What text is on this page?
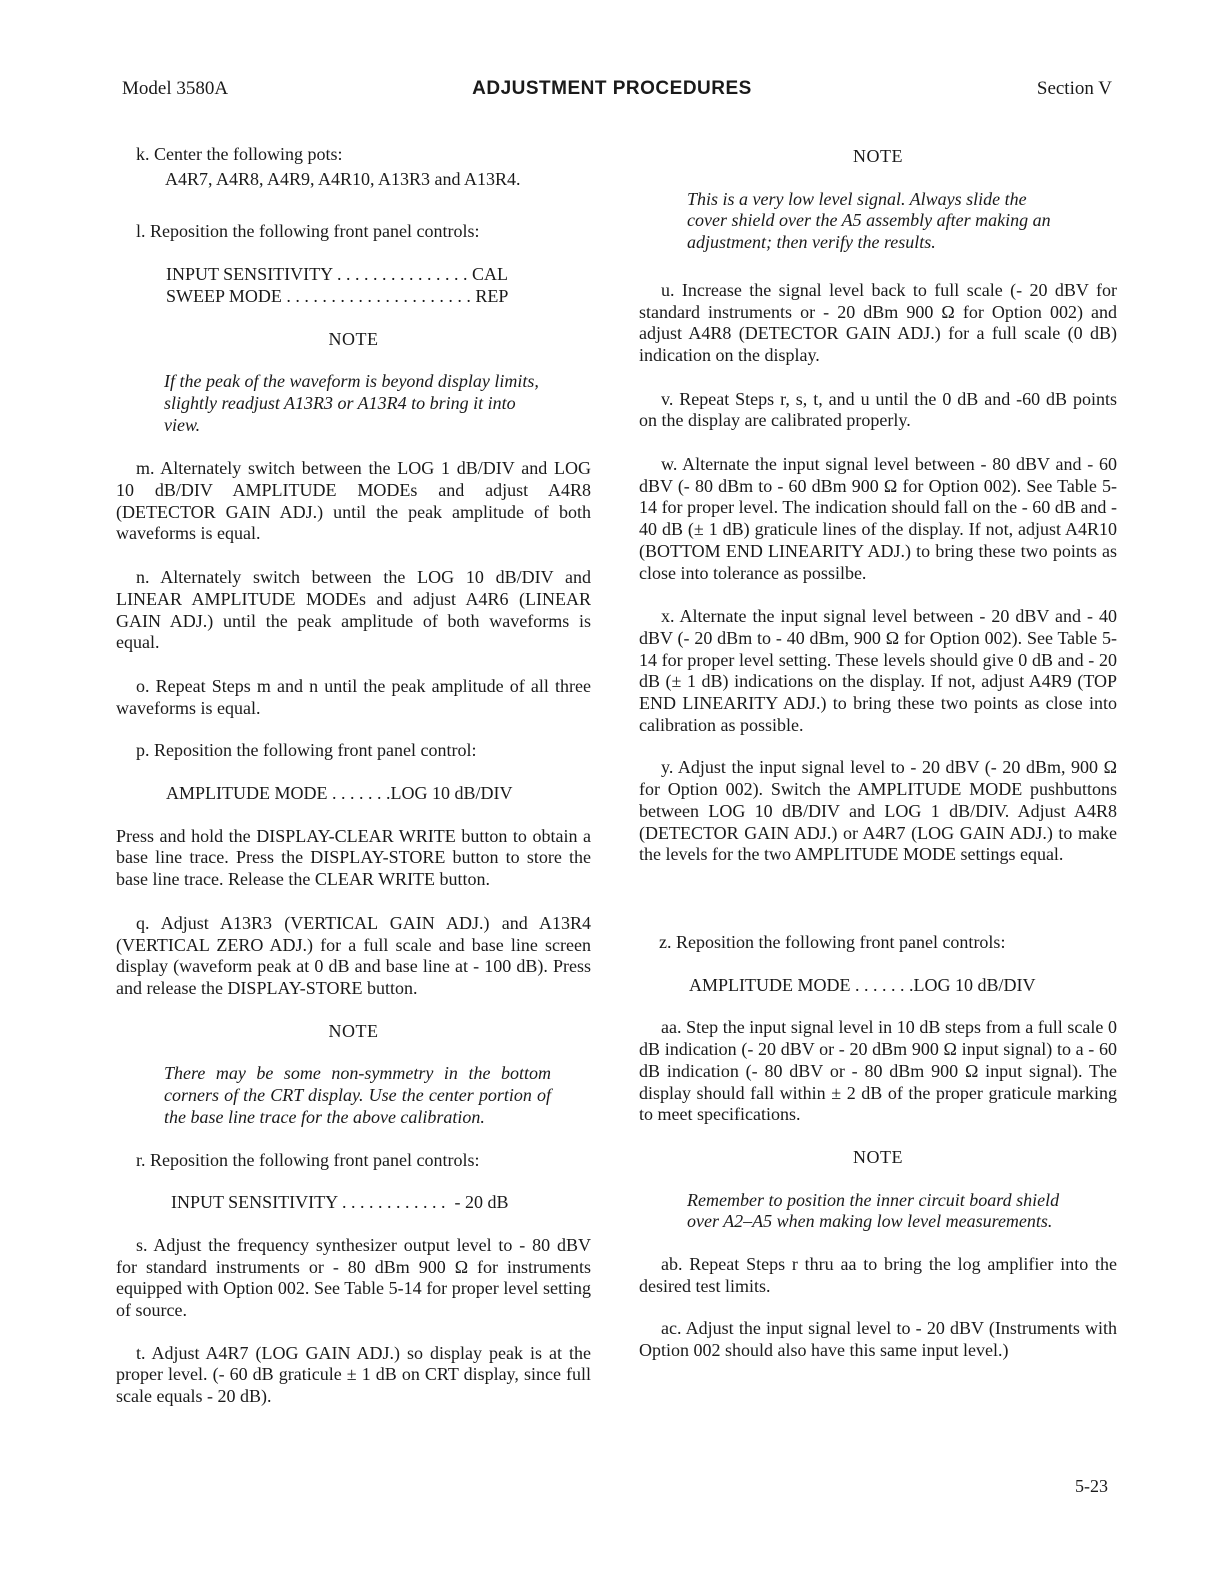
Model 3580A	ADJUSTMENT PROCEDURES	Section V

k. Center the following pots:

A4R7, A4R8, A4R9, A4R10, A13R3 and A13R4.

l. Reposition the following front panel controls:

INPUT SENSITIVITY . . . . . . . . . . . . . . . CAL

SWEEP MODE . . . . . . . . . . . . . . . . . . . . . REP

NOTE

If the peak of the waveform is beyond display limits, slightly readjust A13R3 or A13R4 to bring it into view.

m. Alternately switch between the LOG 1 dB/DIV and LOG 10 dB/DIV AMPLITUDE MODEs and adjust A4R8 (DETECTOR GAIN ADJ.) until the peak amplitude of both waveforms is equal.

n. Alternately switch between the LOG 10 dB/DIV and LINEAR AMPLITUDE MODEs and adjust A4R6 (LINEAR GAIN ADJ.) until the peak amplitude of both waveforms is equal.

o. Repeat Steps m and n until the peak amplitude of all three waveforms is equal.

p. Reposition the following front panel control:

AMPLITUDE MODE . . . . . . .LOG 10 dB/DIV

Press and hold the DISPLAY-CLEAR WRITE button to obtain a base line trace. Press the DISPLAY-STORE button to store the base line trace. Release the CLEAR WRITE button.

q. Adjust A13R3 (VERTICAL GAIN ADJ.) and A13R4 (VERTICAL ZERO ADJ.) for a full scale and base line screen display (waveform peak at 0 dB and base line at - 100 dB). Press and release the DISPLAY-STORE button.

NOTE

There may be some non-symmetry in the bottom corners of the CRT display. Use the center portion of the base line trace for the above calibration.

r. Reposition the following front panel controls:

INPUT SENSITIVITY . . . . . . . . . . . .  - 20 dB

s. Adjust the frequency synthesizer output level to - 80 dBV for standard instruments or - 80 dBm 900 Ω for instruments equipped with Option 002. See Table 5-14 for proper level setting of source.

t. Adjust A4R7 (LOG GAIN ADJ.) so display peak is at the proper level. (- 60 dB graticule ± 1 dB on CRT display, since full scale equals - 20 dB).

NOTE

This is a very low level signal. Always slide the cover shield over the A5 assembly after making an adjustment; then verify the results.

u. Increase the signal level back to full scale (- 20 dBV for standard instruments or - 20 dBm 900 Ω for Option 002) and adjust A4R8 (DETECTOR GAIN ADJ.) for a full scale (0 dB) indication on the display.

v. Repeat Steps r, s, t, and u until the 0 dB and -60 dB points on the display are calibrated properly.

w. Alternate the input signal level between - 80 dBV and - 60 dBV (- 80 dBm to - 60 dBm 900 Ω for Option 002). See Table 5-14 for proper level. The indication should fall on the - 60 dB and - 40 dB (± 1 dB) graticule lines of the display. If not, adjust A4R10 (BOTTOM END LINEARITY ADJ.) to bring these two points as close into tolerance as possilbe.

x. Alternate the input signal level between - 20 dBV and - 40 dBV (- 20 dBm to - 40 dBm, 900 Ω for Option 002). See Table 5-14 for proper level setting. These levels should give 0 dB and - 20 dB (± 1 dB) indications on the display. If not, adjust A4R9 (TOP END LINEARITY ADJ.) to bring these two points as close into calibration as possible.

y. Adjust the input signal level to - 20 dBV (- 20 dBm, 900 Ω for Option 002). Switch the AMPLITUDE MODE pushbuttons between LOG 10 dB/DIV and LOG 1 dB/DIV. Adjust A4R8 (DETECTOR GAIN ADJ.) or A4R7 (LOG GAIN ADJ.) to make the levels for the two AMPLITUDE MODE settings equal.

z. Reposition the following front panel controls:

AMPLITUDE MODE . . . . . . .LOG 10 dB/DIV

aa. Step the input signal level in 10 dB steps from a full scale 0 dB indication (- 20 dBV or - 20 dBm 900 Ω input signal) to a - 60 dB indication (- 80 dBV or - 80 dBm 900 Ω input signal). The display should fall within ± 2 dB of the proper graticule marking to meet specifications.

NOTE

Remember to position the inner circuit board shield over A2–A5 when making low level measurements.

ab. Repeat Steps r thru aa to bring the log amplifier into the desired test limits.

ac. Adjust the input signal level to - 20 dBV (Instruments with Option 002 should also have this same input level.)

5-23
